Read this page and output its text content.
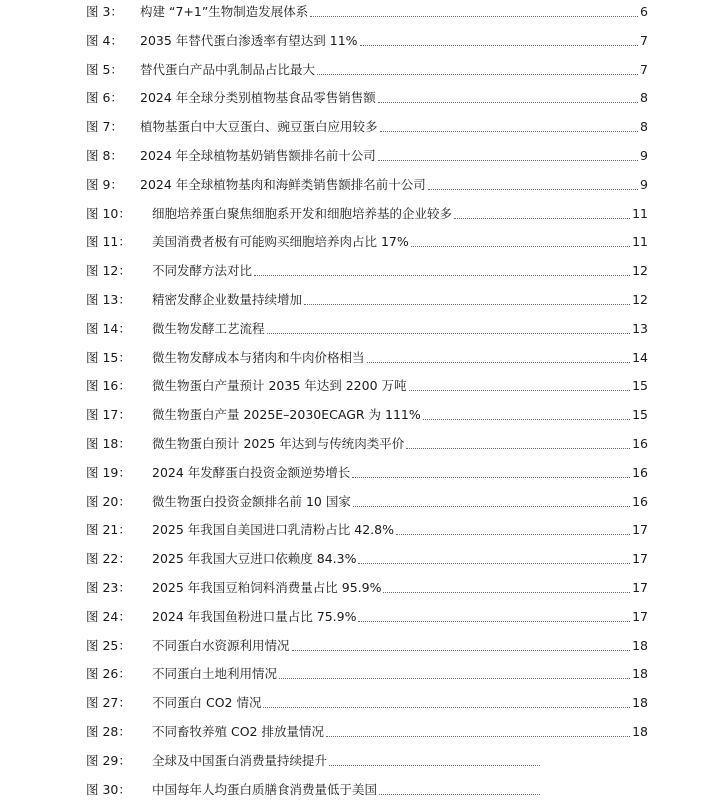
图 3： 构建 “7+1”生物制造发展体系	6
图 4： 2035 年替代蛋白渗透率有望达到 11%	7
图 5： 替代蛋白产品中乳制品占比最大	7
图 6： 2024 年全球分类别植物基食品零售销售额	8
图 7： 植物基蛋白中大豆蛋白、豌豆蛋白应用较多	8
图 8： 2024 年全球植物基奶销售额排名前十公司	9
图 9： 2024 年全球植物基肉和海鲜类销售额排名前十公司	9
图 10： 细胞培养蛋白聚焦细胞系开发和细胞培养基的企业较多	11
图 11： 美国消费者极有可能购买细胞培养肉占比 17%	11
图 12： 不同发酵方法对比	12
图 13： 精密发酵企业数量持续增加	12
图 14： 微生物发酵工艺流程	13
图 15： 微生物发酵成本与猪肉和牛肉价格相当	14
图 16： 微生物蛋白产量预计 2035 年达到 2200 万吨	15
图 17： 微生物蛋白产量 2025E–2030ECAGR 为 111%	15
图 18： 微生物蛋白预计 2025 年达到与传统肉类平价	16
图 19： 2024 年发酵蛋白投资金额逆势增长	16
图 20： 微生物蛋白投资金额排名前 10 国家	16
图 21： 2025 年我国自美国进口乳清粉占比 42.8%	17
图 22： 2025 年我国大豆进口依赖度 84.3%	17
图 23： 2025 年我国豆粕饲料消费量占比 95.9%	17
图 24： 2024 年我国鱼粉进口量占比 75.9%	17
图 25： 不同蛋白水资源利用情况	18
图 26： 不同蛋白土地利用情况	18
图 27： 不同蛋白 CO2 情况	18
图 28： 不同畜牧养殖 CO2 排放量情况	18
图 29： 全球及中国蛋白消费量持续提升
图 30： 中国每年人均蛋白质膳食消费量低于美国
